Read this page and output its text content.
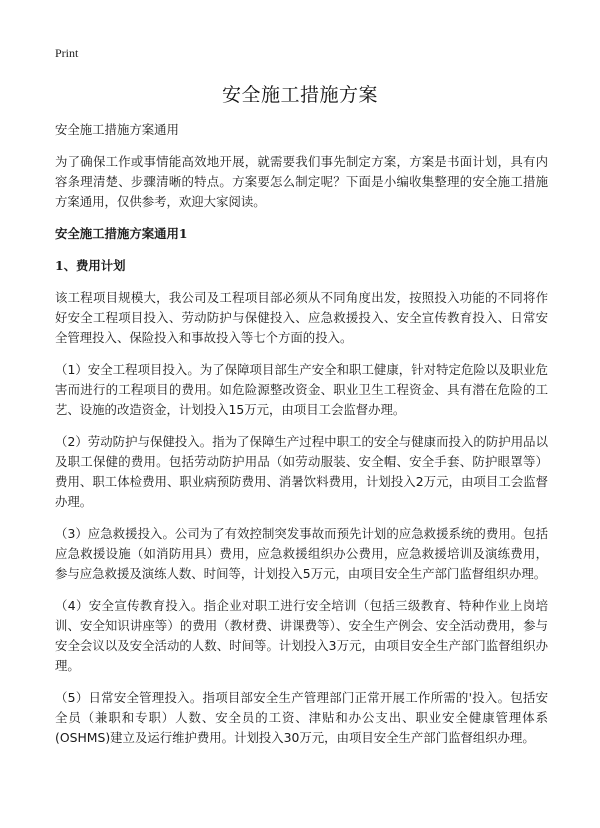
Print
安全施工措施方案

安全施工措施方案通用

为了确保工作或事情能高效地开展，就需要我们事先制定方案，方案是书面计划，具有内容条理清楚、步骤清晰的特点。方案要怎么制定呢？下面是小编收集整理的安全施工措施方案通用，仅供参考，欢迎大家阅读。

安全施工措施方案通用1

1、费用计划

该工程项目规模大，我公司及工程项目部必须从不同角度出发，按照投入功能的不同将作好安全工程项目投入、劳动防护与保健投入、应急救援投入、安全宣传教育投入、日常安全管理投入、保险投入和事故投入等七个方面的投入。

（1）安全工程项目投入。为了保障项目部生产安全和职工健康，针对特定危险以及职业危害而进行的工程项目的费用。如危险源整改资金、职业卫生工程资金、具有潜在危险的工艺、设施的改造资金，计划投入15万元，由项目工会监督办理。

（2）劳动防护与保健投入。指为了保障生产过程中职工的安全与健康而投入的防护用品以及职工保健的费用。包括劳动防护用品（如劳动服装、安全帽、安全手套、防护眼罩等）费用、职工体检费用、职业病预防费用、消暑饮料费用，计划投入2万元，由项目工会监督办理。

（3）应急救援投入。公司为了有效控制突发事故而预先计划的应急救援系统的费用。包括应急救援设施（如消防用具）费用，应急救援组织办公费用，应急救援培训及演练费用，参与应急救援及演练人数、时间等，计划投入5万元，由项目安全生产部门监督组织办理。

（4）安全宣传教育投入。指企业对职工进行安全培训（包括三级教育、特种作业上岗培训、安全知识讲座等）的费用（教材费、讲课费等）、安全生产例会、安全活动费用，参与安全会议以及安全活动的人数、时间等。计划投入3万元，由项目安全生产部门监督组织办理。

（5）日常安全管理投入。指项目部安全生产管理部门正常开展工作所需的'投入。包括安全员（兼职和专职）人数、安全员的工资、津贴和办公支出、职业安全健康管理体系(OSHMS)建立及运行维护费用。计划投入30万元，由项目安全生产部门监督组织办理。
